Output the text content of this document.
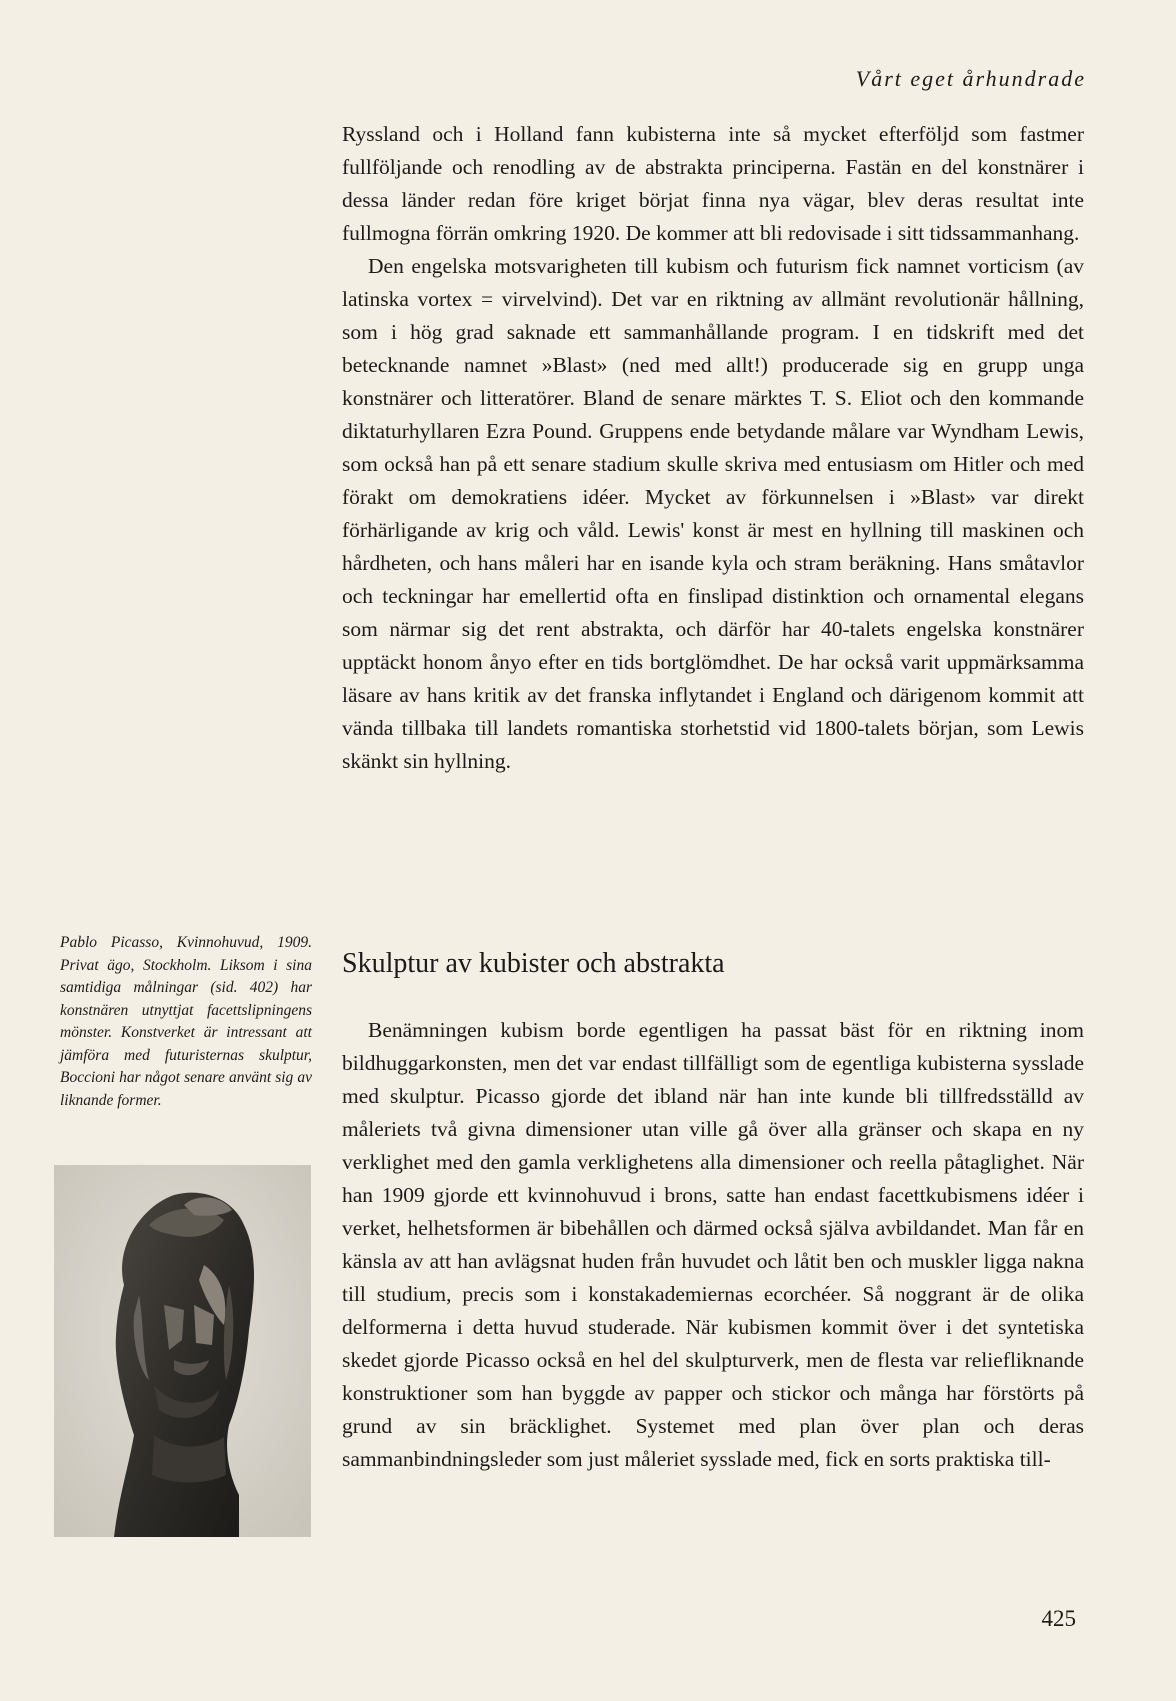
Vårt eget århundrade

Ryssland och i Holland fann kubisterna inte så mycket efterföljd som fastmer fullföljande och renodling av de abstrakta principerna. Fastän en del konstnärer i dessa länder redan före kriget börjat finna nya vägar, blev deras resultat inte fullmogna förrän omkring 1920. De kommer att bli redovisade i sitt tidssammanhang.

Den engelska motsvarigheten till kubism och futurism fick namnet vorticism (av latinska vortex = virvelvind). Det var en riktning av allmänt revolutionär hållning, som i hög grad saknade ett sammanhållande program. I en tidskrift med det betecknande namnet »Blast» (ned med allt!) producerade sig en grupp unga konstnärer och litteratörer. Bland de senare märktes T. S. Eliot och den kommande diktaturhyllaren Ezra Pound. Gruppens ende betydande målare var Wyndham Lewis, som också han på ett senare stadium skulle skriva med entusiasm om Hitler och med förakt om demokratiens idéer. Mycket av förkunnelsen i »Blast» var direkt förhärligande av krig och våld. Lewis' konst är mest en hyllning till maskinen och hårdheten, och hans måleri har en isande kyla och stram beräkning. Hans småtavlor och teckningar har emellertid ofta en finslipad distinktion och ornamental elegans som närmar sig det rent abstrakta, och därför har 40-talets engelska konstnärer upptäckt honom ånyo efter en tids bortglömdhet. De har också varit uppmärksamma läsare av hans kritik av det franska inflytandet i England och därigenom kommit att vända tillbaka till landets romantiska storhetstid vid 1800-talets början, som Lewis skänkt sin hyllning.

Pablo Picasso, Kvinnohuvud, 1909. Privat ägo, Stockholm. Liksom i sina samtidiga målningar (sid. 402) har konstnären utnyttjat facettslipningens mönster. Konstverket är intressant att jämföra med futuristernas skulptur, Boccioni har något senare använt sig av liknande former.
Skulptur av kubister och abstrakta

Benämningen kubism borde egentligen ha passat bäst för en riktning inom bildhuggarkonsten, men det var endast tillfälligt som de egentliga kubisterna sysslade med skulptur. Picasso gjorde det ibland när han inte kunde bli tillfredsställd av måleriets två givna dimensioner utan ville gå över alla gränser och skapa en ny verklighet med den gamla verklighetens alla dimensioner och reella påtaglighet. När han 1909 gjorde ett kvinnohuvud i brons, satte han endast facettkubismens idéer i verket, helhetsformen är bibehållen och därmed också själva avbildandet. Man får en känsla av att han avlägsnat huden från huvudet och låtit ben och muskler ligga nakna till studium, precis som i konstakademiernas ecorchéer. Så noggrant är de olika delformerna i detta huvud studerade. När kubismen kommit över i det syntetiska skedet gjorde Picasso också en hel del skulpturverk, men de flesta var reliefliknande konstruktioner som han byggde av papper och stickor och många har förstörts på grund av sin bräcklighet. Systemet med plan över plan och deras sammanbindningsleder som just måleriet sysslade med, fick en sorts praktiska till-

425
